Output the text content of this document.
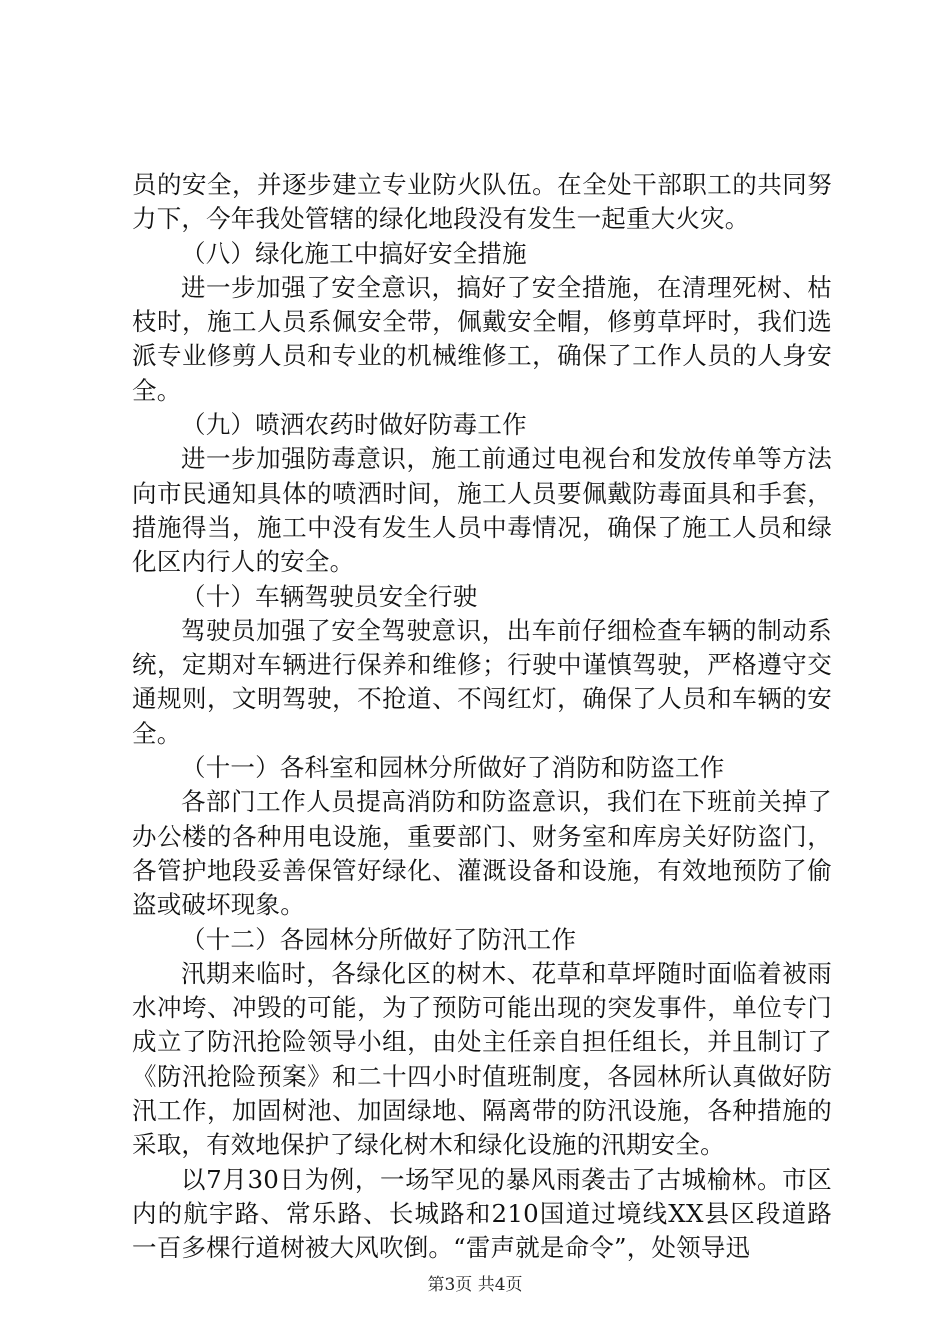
员的安全，并逐步建立专业防火队伍。在全处干部职工的共同努力下，今年我处管辖的绿化地段没有发生一起重大火灾。

（八）绿化施工中搞好安全措施

进一步加强了安全意识，搞好了安全措施，在清理死树、枯枝时，施工人员系佩安全带，佩戴安全帽，修剪草坪时，我们选派专业修剪人员和专业的机械维修工，确保了工作人员的人身安全。

（九）喷洒农药时做好防毒工作

进一步加强防毒意识，施工前通过电视台和发放传单等方法向市民通知具体的喷洒时间，施工人员要佩戴防毒面具和手套，措施得当，施工中没有发生人员中毒情况，确保了施工人员和绿化区内行人的安全。

（十）车辆驾驶员安全行驶

驾驶员加强了安全驾驶意识，出车前仔细检查车辆的制动系统，定期对车辆进行保养和维修；行驶中谨慎驾驶，严格遵守交通规则，文明驾驶，不抢道、不闯红灯，确保了人员和车辆的安全。

（十一）各科室和园林分所做好了消防和防盗工作

各部门工作人员提高消防和防盗意识，我们在下班前关掉了办公楼的各种用电设施，重要部门、财务室和库房关好防盗门，各管护地段妥善保管好绿化、灌溉设备和设施，有效地预防了偷盗或破坏现象。

（十二）各园林分所做好了防汛工作

汛期来临时，各绿化区的树木、花草和草坪随时面临着被雨水冲垮、冲毁的可能，为了预防可能出现的突发事件，单位专门成立了防汛抢险领导小组，由处主任亲自担任组长，并且制订了《防汛抢险预案》和二十四小时值班制度，各园林所认真做好防汛工作，加固树池、加固绿地、隔离带的防汛设施，各种措施的采取，有效地保护了绿化树木和绿化设施的汛期安全。

以7月30日为例，一场罕见的暴风雨袭击了古城榆林。市区内的航宇路、常乐路、长城路和210国道过境线XX县区段道路一百多棵行道树被大风吹倒。“雷声就是命令”，处领导迅

第3页 共4页
